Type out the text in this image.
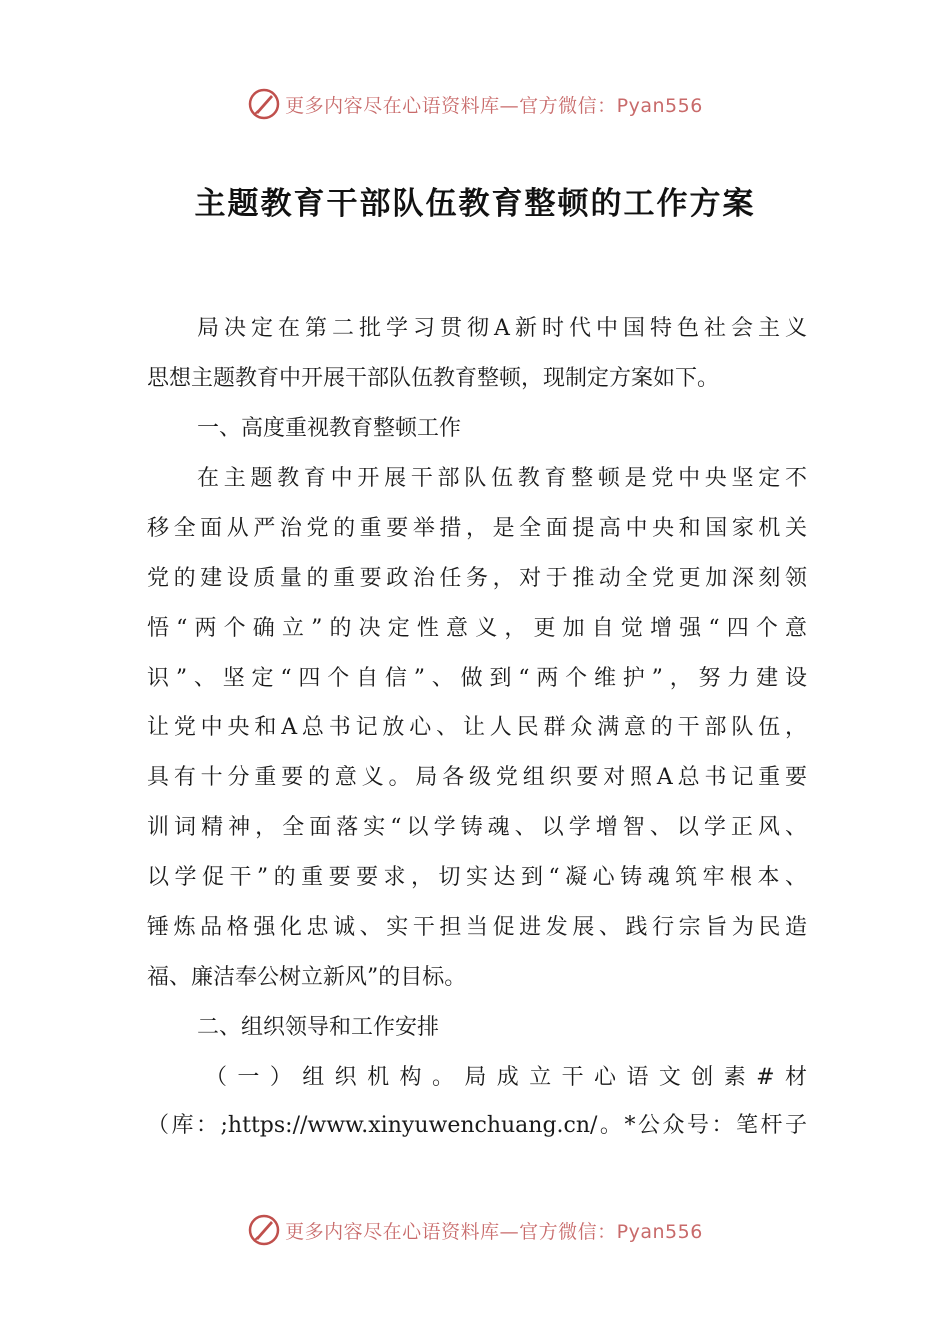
更多内容尽在心语资料库—官方微信：Pyan556
主题教育干部队伍教育整顿的工作方案
局决定在第二批学习贯彻A新时代中国特色社会主义
思想主题教育中开展干部队伍教育整顿，现制定方案如下。
一、高度重视教育整顿工作
在主题教育中开展干部队伍教育整顿是党中央坚定不
移全面从严治党的重要举措，是全面提高中央和国家机关
党的建设质量的重要政治任务，对于推动全党更加深刻领
悟“两个确立”的决定性意义，更加自觉增强“四个意
识”、坚定“四个自信”、做到“两个维护”，努力建设
让党中央和A总书记放心、让人民群众满意的干部队伍，
具有十分重要的意义。局各级党组织要对照A总书记重要
训词精神，全面落实“以学铸魂、以学增智、以学正风、
以学促干”的重要要求，切实达到“凝心铸魂筑牢根本、
锤炼品格强化忠诚、实干担当促进发展、践行宗旨为民造
福、廉洁奉公树立新风”的目标。
二、组织领导和工作安排
（一）组织机构。局成立干心语文创素#材
（库：;https://www.xinyuwenchuang.cn/。*公众号：笔杆子
更多内容尽在心语资料库—官方微信：Pyan556
